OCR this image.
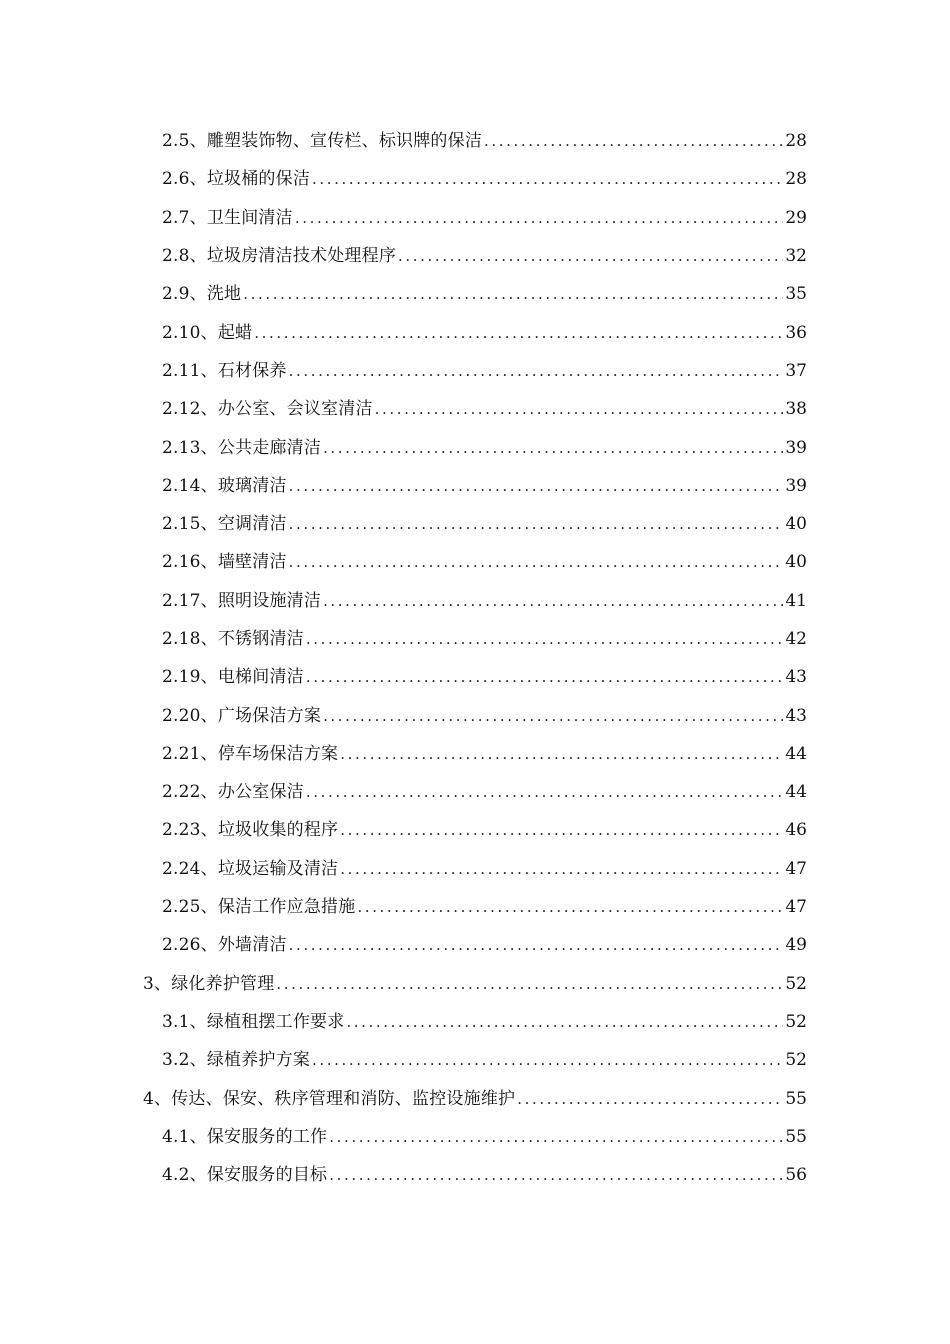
2.5、雕塑装饰物、宣传栏、标识牌的保洁 .....	28
2.6、垃圾桶的保洁 .....	28
2.7、卫生间清洁 .....	29
2.8、垃圾房清洁技术处理程序 .....	32
2.9、洗地 .....	35
2.10、起蜡 .....	36
2.11、石材保养 .....	37
2.12、办公室、会议室清洁 .....	38
2.13、公共走廊清洁 .....	39
2.14、玻璃清洁 .....	39
2.15、空调清洁 .....	40
2.16、墙壁清洁 .....	40
2.17、照明设施清洁 .....	41
2.18、不锈钢清洁 .....	42
2.19、电梯间清洁 .....	43
2.20、广场保洁方案 .....	43
2.21、停车场保洁方案 .....	44
2.22、办公室保洁 .....	44
2.23、垃圾收集的程序 .....	46
2.24、垃圾运输及清洁 .....	47
2.25、保洁工作应急措施 .....	47
2.26、外墙清洁 .....	49
3、绿化养护管理 .....	52
3.1、绿植租摆工作要求 .....	52
3.2、绿植养护方案 .....	52
4、传达、保安、秩序管理和消防、监控设施维护 .....	55
4.1、保安服务的工作 .....	55
4.2、保安服务的目标 .....	56
